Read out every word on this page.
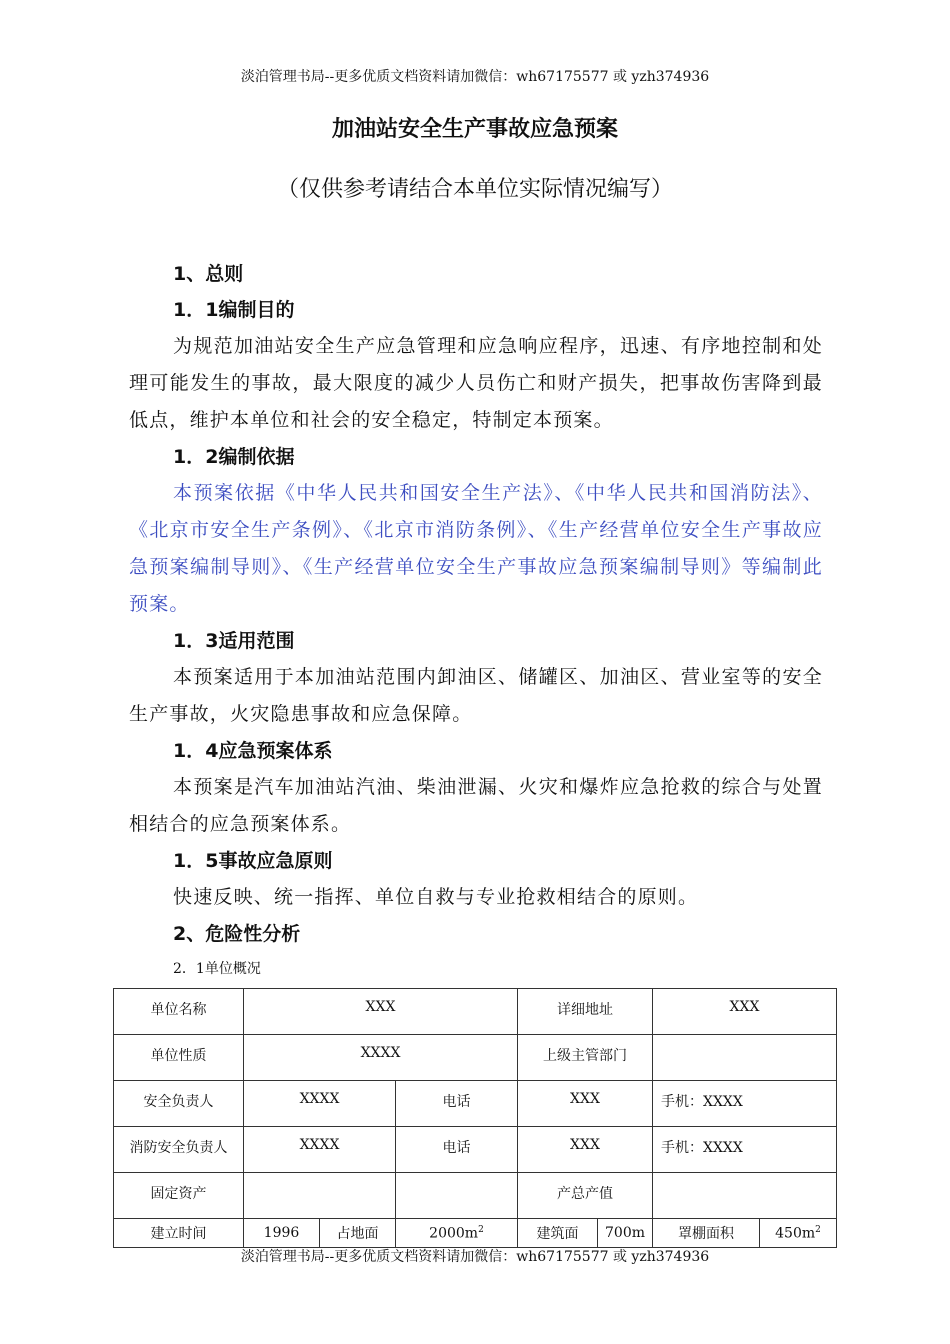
淡泊管理书局--更多优质文档资料请加微信：wh67175577 或 yzh374936
加油站安全生产事故应急预案
（仅供参考请结合本单位实际情况编写）
1、总则
1．1编制目的
为规范加油站安全生产应急管理和应急响应程序，迅速、有序地控制和处理可能发生的事故，最大限度的减少人员伤亡和财产损失，把事故伤害降到最低点，维护本单位和社会的安全稳定，特制定本预案。
1．2编制依据
本预案依据《中华人民共和国安全生产法》、《中华人民共和国消防法》、《北京市安全生产条例》、《北京市消防条例》、《生产经营单位安全生产事故应急预案编制导则》、《生产经营单位安全生产事故应急预案编制导则》等编制此预案。
1．3适用范围
本预案适用于本加油站范围内卸油区、储罐区、加油区、营业室等的安全生产事故，火灾隐患事故和应急保障。
1．4应急预案体系
本预案是汽车加油站汽油、柴油泄漏、火灾和爆炸应急抢救的综合与处置相结合的应急预案体系。
1．5事故应急原则
快速反映、统一指挥、单位自救与专业抢救相结合的原则。
2、危险性分析
2．1单位概况
单位名称	XXX			详细地址		XXX	
单位性质	XXXX			上级主管部门			
安全负责人	XXXX		电话	XXX		手机：XXXX	
消防安全负责人	XXXX		电话	XXX		手机：XXXX	
固定资产				产总产值			
建立时间	1996	占地面	$2000m^2$	建筑面	700m	罩棚面积	$450m^2$
淡泊管理书局--更多优质文档资料请加微信：wh67175577 或 yzh374936
